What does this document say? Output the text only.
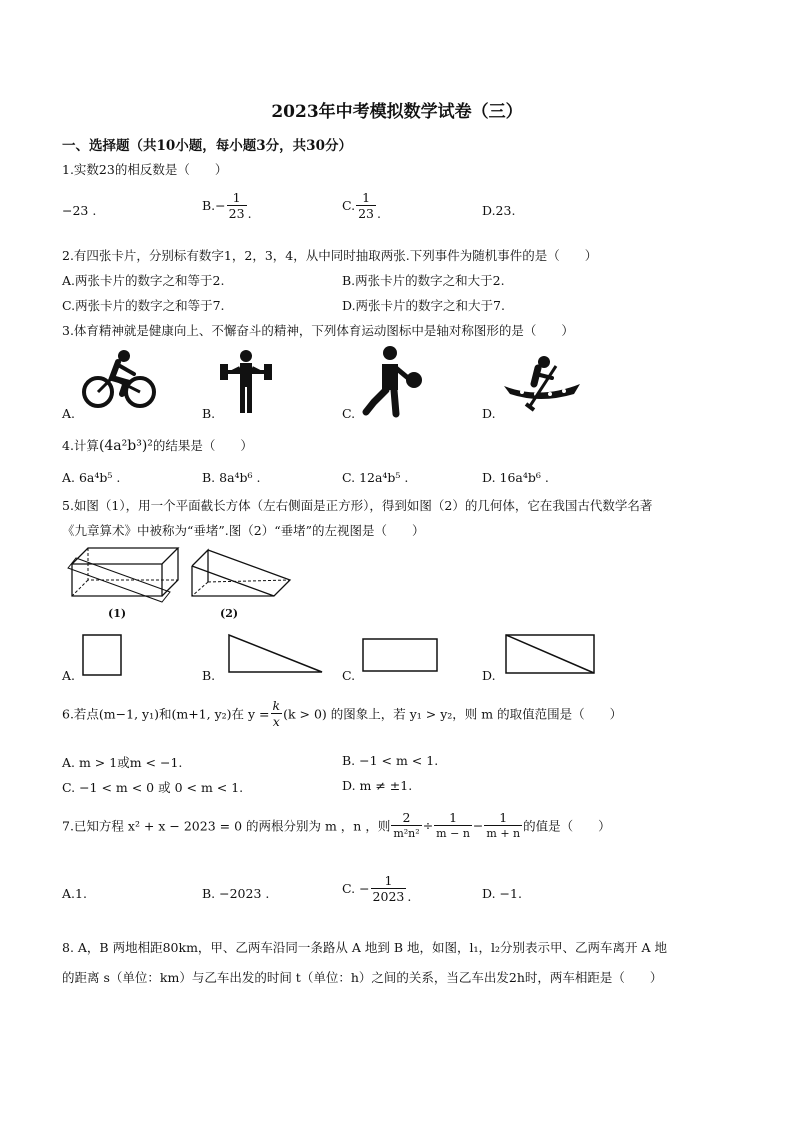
2023年中考模拟数学试卷（三）
一、选择题（共10小题，每小题3分，共30分）
1.实数23的相反数是（　　）
−23 .	$B.- \frac{1}{23}$ .
C. $\frac{1}{23}$ .	D.23.
2.有四张卡片，分别标有数字1，2，3，4，从中同时抽取两张.下列事件为随机事件的是（　　）
A.两张卡片的数字之和等于2.	B.两张卡片的数字之和大于2.
C.两张卡片的数字之和等于7.	D.两张卡片的数字之和大于7.
3.体育精神就是健康向上、不懈奋斗的精神，下列体育运动图标中是轴对称图形的是（　　）
A.	B.	C.	D.
4.计算(4a²b³)²的结果是（　　）
A. 6a⁴b⁵ .	B. 8a⁴b⁶ .	C. 12a⁴b⁵ .	D. 16a⁴b⁶ .
5.如图（1），用一个平面截长方体（左右侧面是正方形），得到如图（2）的几何体，它在我国古代数学名著
《九章算术》中被称为“垂堵”.图（2）“垂堵”的左视图是（　　）
(1)	(2)
A.	B.	C.	D.
6.若点(m−1, y₁)和(m+1, y₂)在 $y = \frac{k}{x} (k > 0)$ 的图象上，若 y₁ > y₂，则 m 的取值范围是（　　）
A. m > 1或m < −1.	B. −1 < m < 1.
C. −1 < m < 0 或 0 < m < 1.	D. m ≠ ±1.
7.已知方程 x² + x − 2023 = 0 的两根分别为 m ，n ，则 $\frac{2}{\text{m²n²}} \div \frac{1}{m - n} - \frac{1}{m + n}$ 的值是（　　）
A.1.	B. −2023 .	C. − $\frac{1}{2023}$ .	D. −1.
8. A，B 两地相距80km，甲、乙两车沿同一条路从 A 地到 B 地，如图，l₁，l₂分别表示甲、乙两车离开 A 地
的距离 s（单位：km）与乙车出发的时间 t（单位：h）之间的关系，当乙车出发2h时，两车相距是（　　）
